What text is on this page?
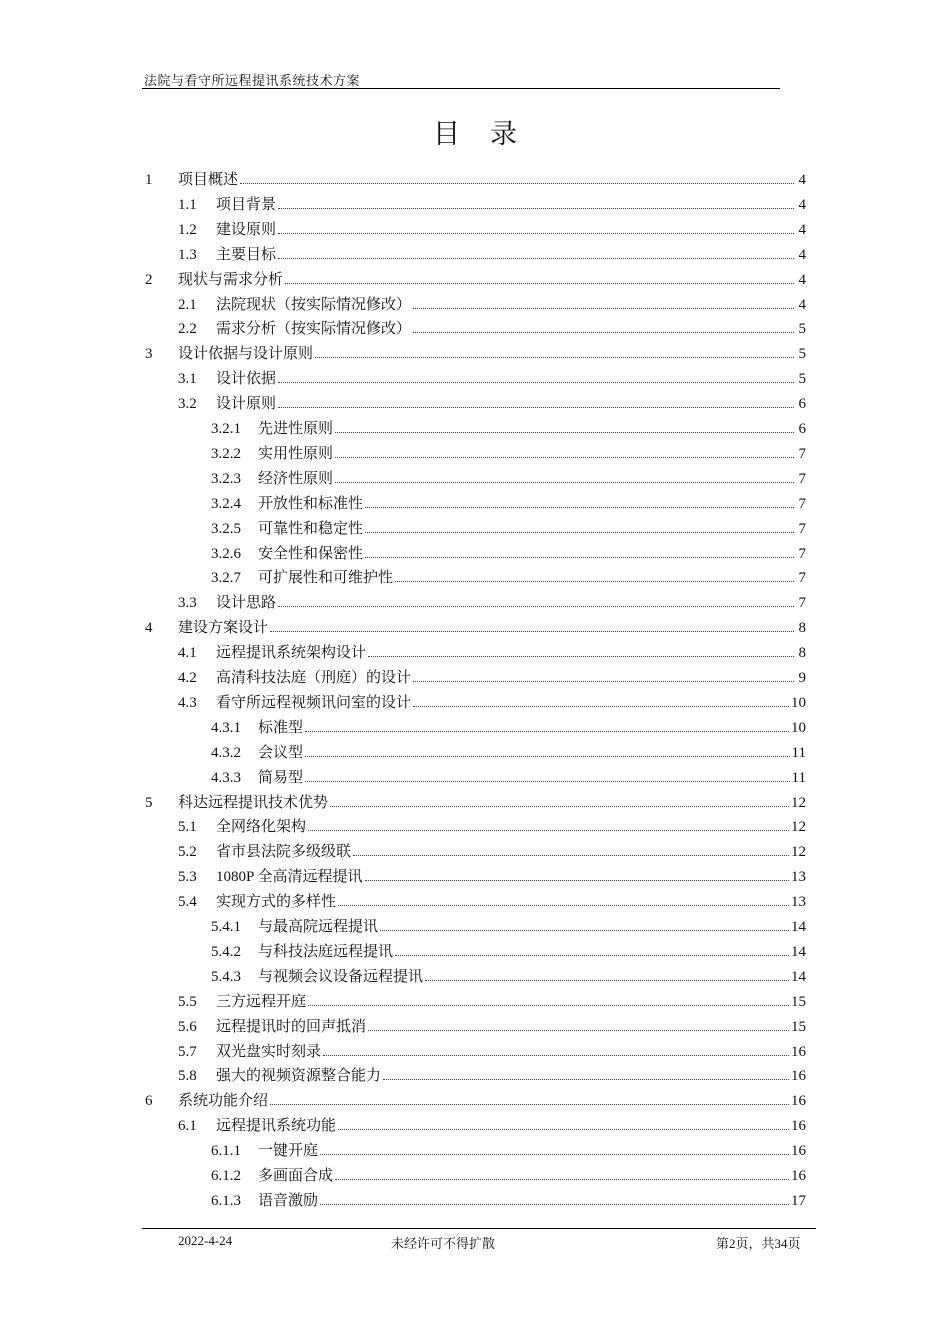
法院与看守所远程提讯系统技术方案
目录
1	项目概述	4
1.1	项目背景	4
1.2	建设原则	4
1.3	主要目标	4
2	现状与需求分析	4
2.1	法院现状（按实际情况修改）	4
2.2	需求分析（按实际情况修改）	5
3	设计依据与设计原则	5
3.1	设计依据	5
3.2	设计原则	6
3.2.1	先进性原则	6
3.2.2	实用性原则	7
3.2.3	经济性原则	7
3.2.4	开放性和标准性	7
3.2.5	可靠性和稳定性	7
3.2.6	安全性和保密性	7
3.2.7	可扩展性和可维护性	7
3.3	设计思路	7
4	建设方案设计	8
4.1	远程提讯系统架构设计	8
4.2	高清科技法庭（刑庭）的设计	9
4.3	看守所远程视频讯问室的设计	10
4.3.1	标准型	10
4.3.2	会议型	11
4.3.3	简易型	11
5	科达远程提讯技术优势	12
5.1	全网络化架构	12
5.2	省市县法院多级级联	12
5.3	1080P 全高清远程提讯	13
5.4	实现方式的多样性	13
5.4.1	与最高院远程提讯	14
5.4.2	与科技法庭远程提讯	14
5.4.3	与视频会议设备远程提讯	14
5.5	三方远程开庭	15
5.6	远程提讯时的回声抵消	15
5.7	双光盘实时刻录	16
5.8	强大的视频资源整合能力	16
6	系统功能介绍	16
6.1	远程提讯系统功能	16
6.1.1	一键开庭	16
6.1.2	多画面合成	16
6.1.3	语音激励	17
2022-4-24	未经许可不得扩散	第2页，共34页
